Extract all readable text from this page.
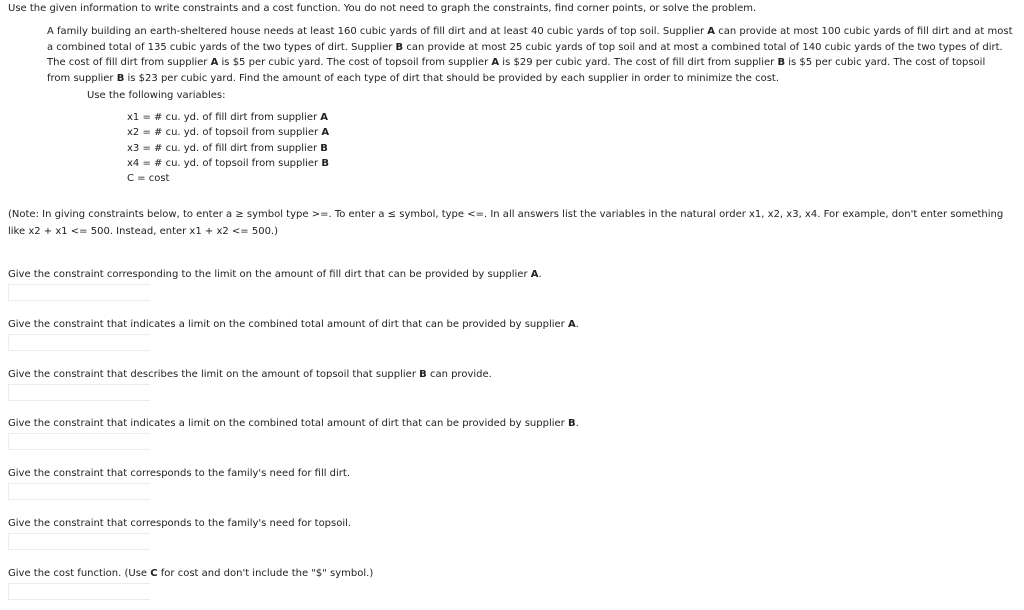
Use the given information to write constraints and a cost function. You do not need to graph the constraints, find corner points, or solve the problem.
A family building an earth-sheltered house needs at least 160 cubic yards of fill dirt and at least 40 cubic yards of top soil. Supplier A can provide at most 100 cubic yards of fill dirt and at most
a combined total of 135 cubic yards of the two types of dirt. Supplier B can provide at most 25 cubic yards of top soil and at most a combined total of 140 cubic yards of the two types of dirt.
The cost of fill dirt from supplier A is $5 per cubic yard. The cost of topsoil from supplier A is $29 per cubic yard. The cost of fill dirt from supplier B is $5 per cubic yard. The cost of topsoil
from supplier B is $23 per cubic yard. Find the amount of each type of dirt that should be provided by each supplier in order to minimize the cost.
Use the following variables:
x1 = # cu. yd. of fill dirt from supplier A
x2 = # cu. yd. of topsoil from supplier A
x3 = # cu. yd. of fill dirt from supplier B
x4 = # cu. yd. of topsoil from supplier B
C = cost
(Note: In giving constraints below, to enter a ≥ symbol type >=. To enter a ≤ symbol, type <=. In all answers list the variables in the natural order x1, x2, x3, x4. For example, don't enter something
like x2 + x1 <= 500. Instead, enter x1 + x2 <= 500.)
Give the constraint corresponding to the limit on the amount of fill dirt that can be provided by supplier A.
Give the constraint that indicates a limit on the combined total amount of dirt that can be provided by supplier A.
Give the constraint that describes the limit on the amount of topsoil that supplier B can provide.
Give the constraint that indicates a limit on the combined total amount of dirt that can be provided by supplier B.
Give the constraint that corresponds to the family's need for fill dirt.
Give the constraint that corresponds to the family's need for topsoil.
Give the cost function. (Use C for cost and don't include the "$" symbol.)
